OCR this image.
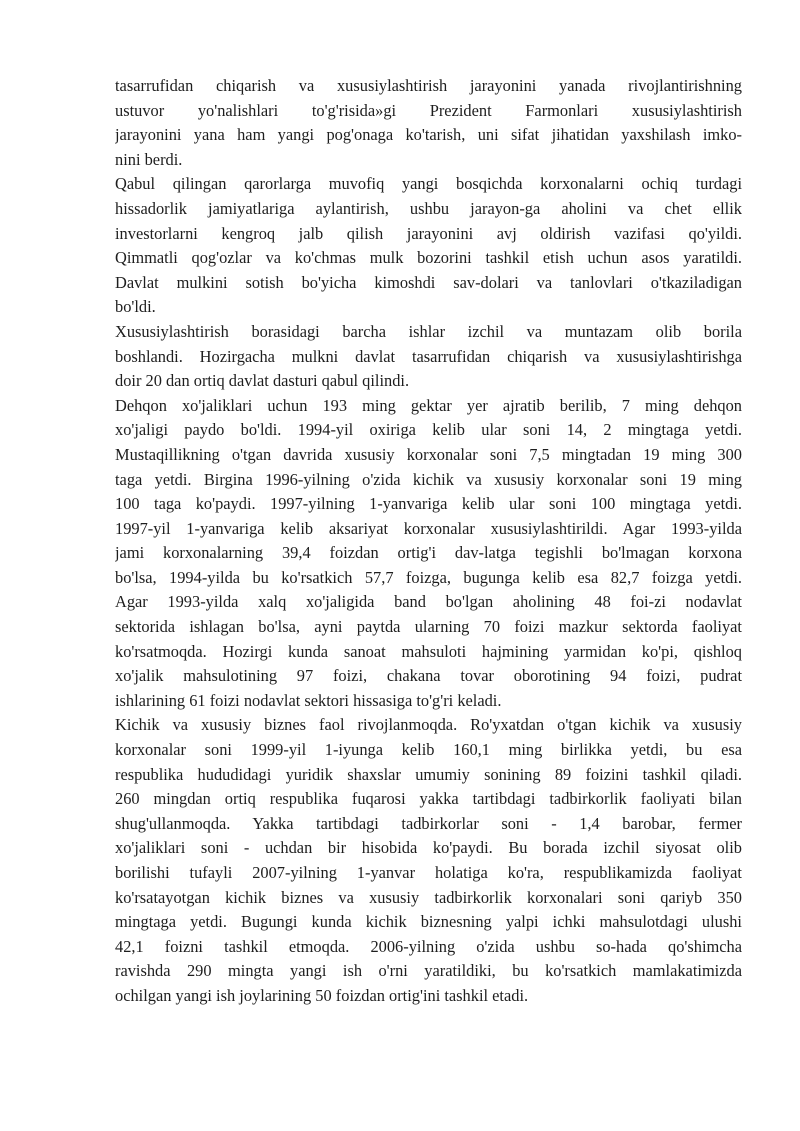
tasarrufidan chiqarish va xususiylashtirish jarayonini yanada rivojlantirishning
ustuvor yo'nalishlari to'g'risida»gi Prezident Farmonlari xususiylashtirish
jarayonini yana ham yangi pog'onaga ko'tarish, uni sifat jihatidan yaxshilash imko-
nini berdi.
Qabul qilingan qarorlarga muvofiq yangi bosqichda korxonalarni ochiq turdagi
hissadorlik jamiyatlariga aylantirish, ushbu jarayon-ga aholini va chet ellik
investorlarni kengroq jalb qilish jarayonini avj oldirish vazifasi qo'yildi.
Qimmatli qog'ozlar va ko'chmas mulk bozorini tashkil etish uchun asos yaratildi.
Davlat mulkini sotish bo'yicha kimoshdi sav-dolari va tanlovlari o'tkaziladigan
bo'ldi.
Xususiylashtirish borasidagi barcha ishlar izchil va muntazam olib borila
boshlandi. Hozirgacha mulkni davlat tasarrufidan chiqarish va xususiylashtirishga
doir 20 dan ortiq davlat dasturi qabul qilindi.
Dehqon xo'jaliklari uchun 193 ming gektar yer ajratib berilib, 7 ming dehqon
xo'jaligi paydo bo'ldi. 1994-yil oxiriga kelib ular soni 14, 2 mingtaga yetdi.
Mustaqillikning o'tgan davrida xususiy korxonalar soni 7,5 mingtadan 19 ming 300
taga yetdi. Birgina 1996-yilning o'zida kichik va xususiy korxonalar soni 19 ming
100 taga ko'paydi. 1997-yilning 1-yanvariga kelib ular soni 100 mingtaga yetdi.
1997-yil 1-yanvariga kelib aksariyat korxonalar xususiylashtirildi. Agar 1993-yilda
jami korxonalarning 39,4 foizdan ortig'i dav-latga tegishli bo'lmagan korxona
bo'lsa, 1994-yilda bu ko'rsatkich 57,7 foizga, bugunga kelib esa 82,7 foizga yetdi.
Agar 1993-yilda xalq xo'jaligida band bo'lgan aholining 48 foi-zi nodavlat
sektorida ishlagan bo'lsa, ayni paytda ularning 70 foizi mazkur sektorda faoliyat
ko'rsatmoqda. Hozirgi kunda sanoat mahsuloti hajmining yarmidan ko'pi, qishloq
xo'jalik mahsulotining 97 foizi, chakana tovar oborotining 94 foizi, pudrat
ishlarining 61 foizi nodavlat sektori hissasiga to'g'ri keladi.
Kichik va xususiy biznes faol rivojlanmoqda. Ro'yxatdan o'tgan kichik va xususiy
korxonalar soni 1999-yil 1-iyunga kelib 160,1 ming birlikka yetdi, bu esa
respublika hududidagi yuridik shaxslar umumiy sonining 89 foizini tashkil qiladi.
260 mingdan ortiq respublika fuqarosi yakka tartibdagi tadbirkorlik faoliyati bilan
shug'ullanmoqda. Yakka tartibdagi tadbirkorlar soni - 1,4 barobar, fermer
xo'jaliklari soni - uchdan bir hisobida ko'paydi. Bu borada izchil siyosat olib
borilishi tufayli 2007-yilning 1-yanvar holatiga ko'ra, respublikamizda faoliyat
ko'rsatayotgan kichik biznes va xususiy tadbirkorlik korxonalari soni qariyb 350
mingtaga yetdi. Bugungi kunda kichik biznesning yalpi ichki mahsulotdagi ulushi
42,1 foizni tashkil etmoqda. 2006-yilning o'zida ushbu so-hada qo'shimcha
ravishda 290 mingta yangi ish o'rni yaratildiki, bu ko'rsatkich mamlakatimizda
ochilgan yangi ish joylarining 50 foizdan ortig'ini tashkil etadi.
